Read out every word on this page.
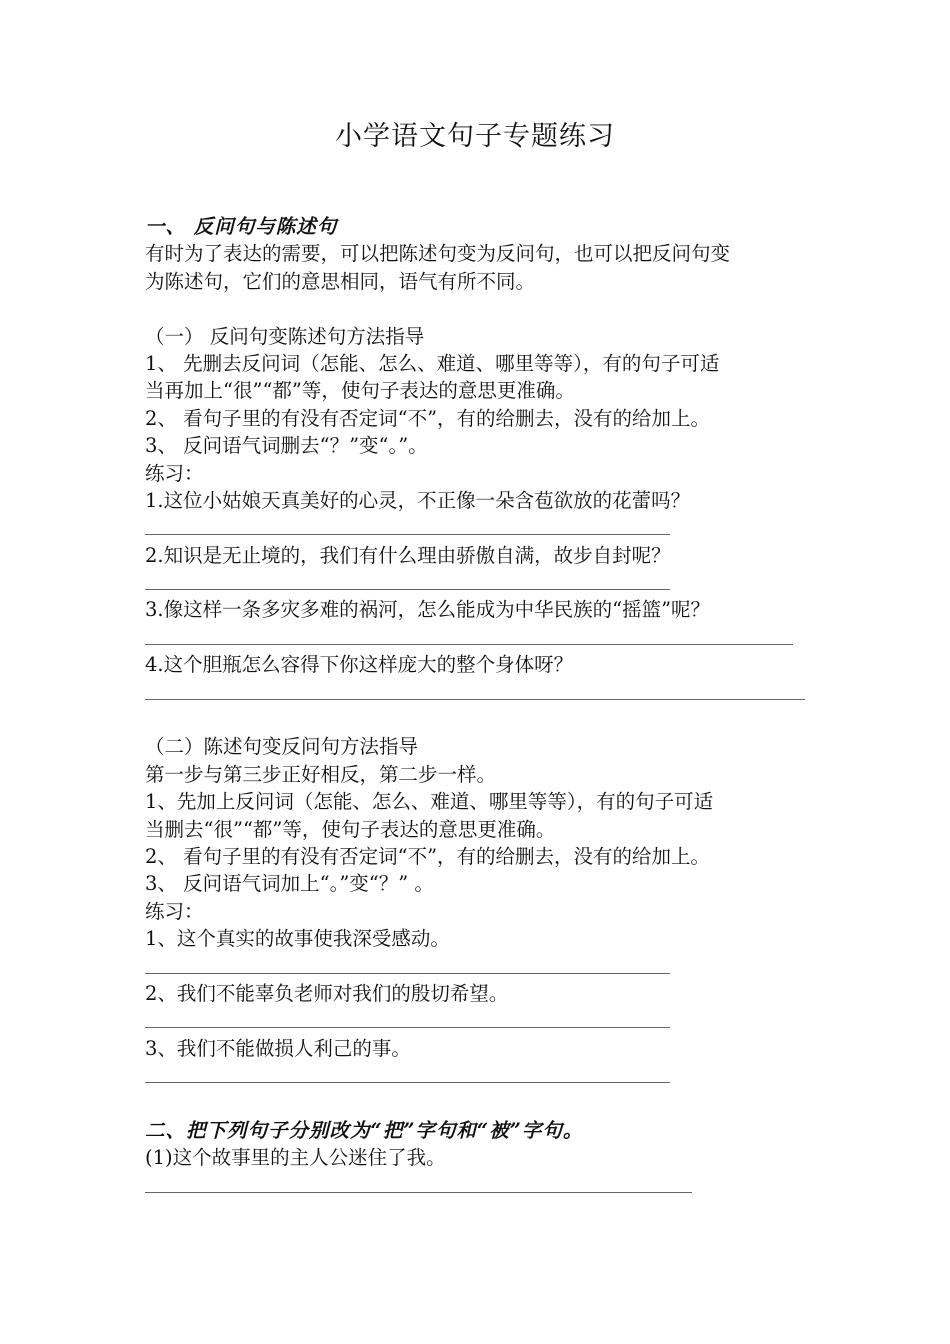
小学语文句子专题练习
一、 反问句与陈述句
有时为了表达的需要，可以把陈述句变为反问句，也可以把反问句变
为陈述句，它们的意思相同，语气有所不同。
（一） 反问句变陈述句方法指导
1、 先删去反问词（怎能、怎么、难道、哪里等等），有的句子可适
当再加上“很”“都”等，使句子表达的意思更准确。
2、 看句子里的有没有否定词“不”，有的给删去，没有的给加上。
3、 反问语气词删去“？”变“。”。
练习：
1.这位小姑娘天真美好的心灵，不正像一朵含苞欲放的花蕾吗？
2.知识是无止境的，我们有什么理由骄傲自满，故步自封呢？
3.像这样一条多灾多难的祸河，怎么能成为中华民族的“摇篮”呢？
4.这个胆瓶怎么容得下你这样庞大的整个身体呀？
（二）陈述句变反问句方法指导
第一步与第三步正好相反，第二步一样。
1、先加上反问词（怎能、怎么、难道、哪里等等），有的句子可适
当删去“很”“都”等，使句子表达的意思更准确。
2、 看句子里的有没有否定词“不”，有的给删去，没有的给加上。
3、 反问语气词加上“。”变“？” 。
练习：
1、这个真实的故事使我深受感动。
2、我们不能辜负老师对我们的殷切希望。
3、我们不能做损人利己的事。
二、把下列句子分别改为“把”字句和“被”字句。
(1)这个故事里的主人公迷住了我。
